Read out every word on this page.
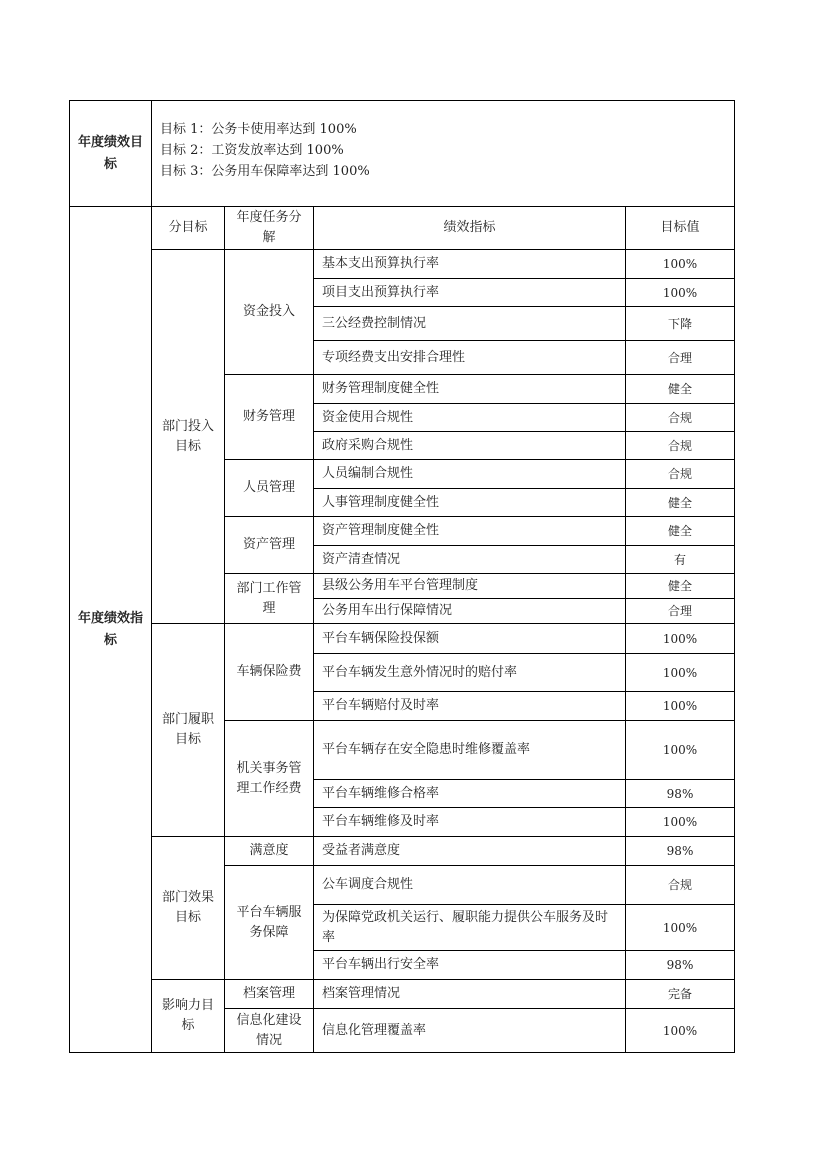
年度绩效目标	目标 1：公务卡使用率达到 100%
目标 2：工资发放率达到 100%
目标 3：公务用车保障率达到 100%			

年度绩效指标	分目标	年度任务分解	绩效指标	目标值
	部门投入目标	资金投入	基本支出预算执行率	100%
			项目支出预算执行率	100%
			三公经费控制情况	下降
			专项经费支出安排合理性	合理
		财务管理	财务管理制度健全性	健全
			资金使用合规性	合规
			政府采购合规性	合规
		人员管理	人员编制合规性	合规
			人事管理制度健全性	健全
		资产管理	资产管理制度健全性	健全
			资产清查情况	有
		部门工作管理	县级公务用车平台管理制度	健全
			公务用车出行保障情况	合理
	部门履职目标	车辆保险费	平台车辆保险投保额	100%
			平台车辆发生意外情况时的赔付率	100%
			平台车辆赔付及时率	100%
		机关事务管理工作经费	平台车辆存在安全隐患时维修覆盖率	100%
			平台车辆维修合格率	98%
			平台车辆维修及时率	100%
	部门效果目标	满意度	受益者满意度	98%
		平台车辆服务保障	公车调度合规性	合规
			为保障党政机关运行、履职能力提供公车服务及时率	100%
			平台车辆出行安全率	98%
	影响力目标	档案管理	档案管理情况	完备
		信息化建设情况	信息化管理覆盖率	100%
